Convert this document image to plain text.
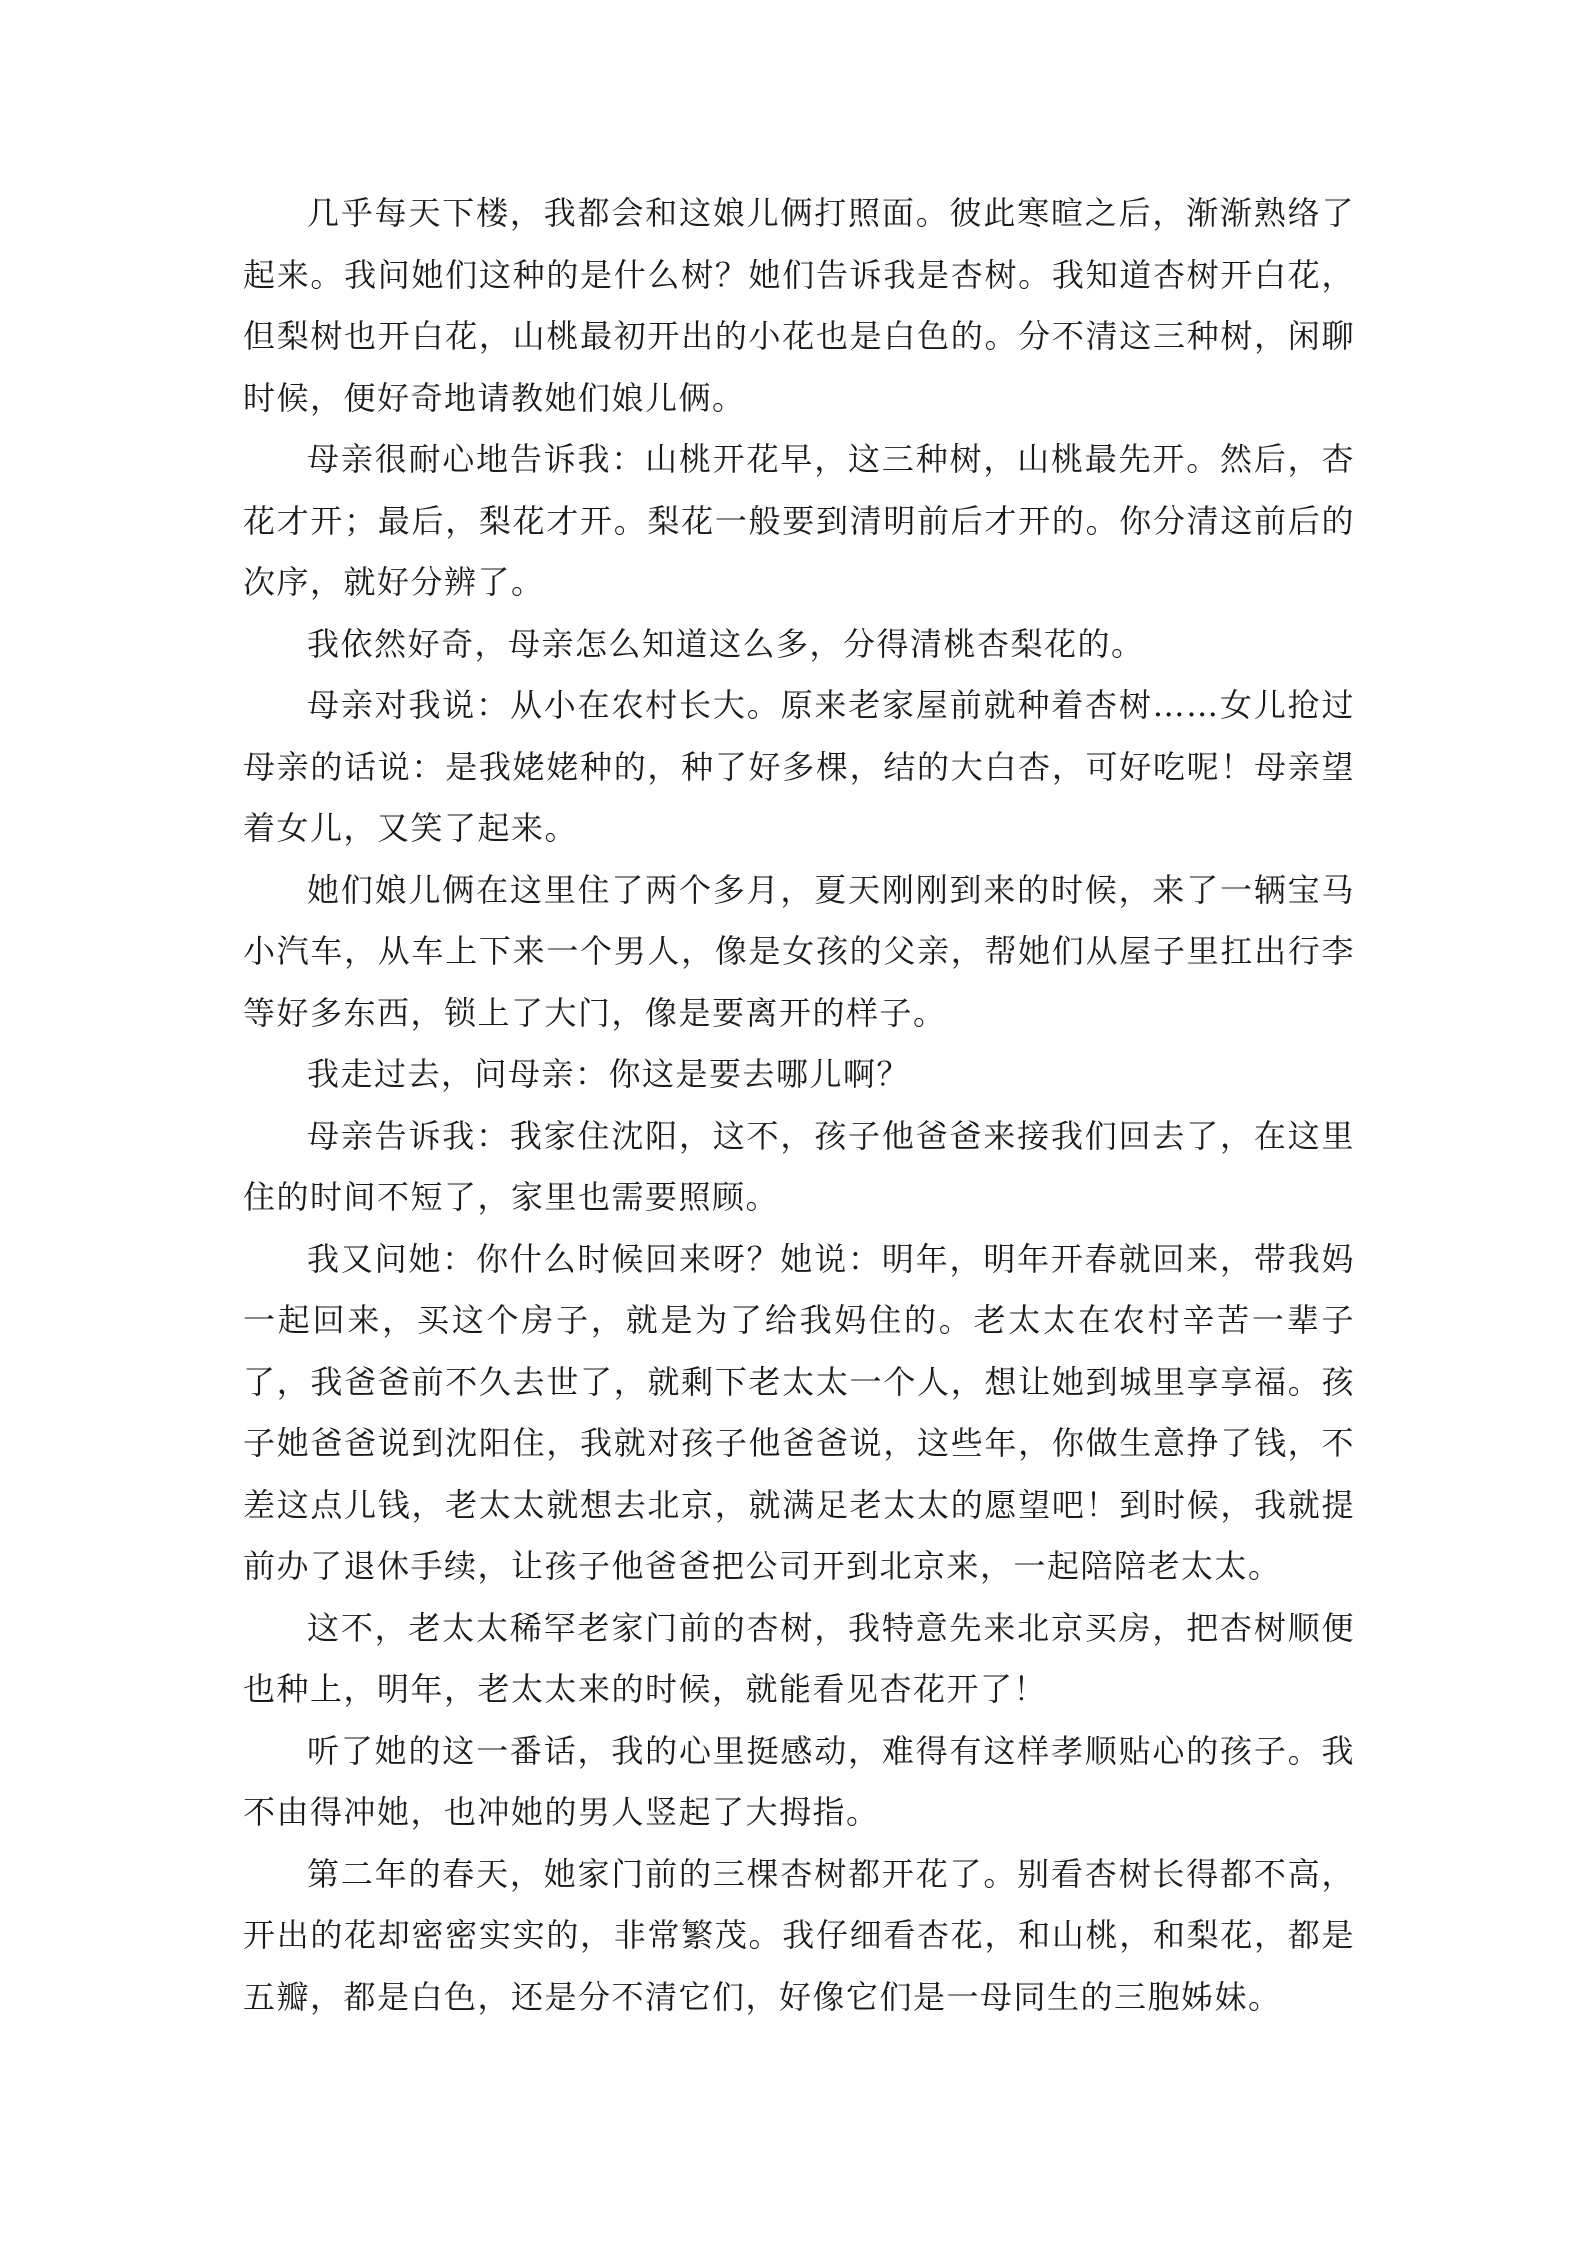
几乎每天下楼，我都会和这娘儿俩打照面。彼此寒暄之后，渐渐熟络了起来。我问她们这种的是什么树？她们告诉我是杏树。我知道杏树开白花，但梨树也开白花，山桃最初开出的小花也是白色的。分不清这三种树，闲聊时候，便好奇地请教她们娘儿俩。

母亲很耐心地告诉我：山桃开花早，这三种树，山桃最先开。然后，杏花才开；最后，梨花才开。梨花一般要到清明前后才开的。你分清这前后的次序，就好分辨了。

我依然好奇，母亲怎么知道这么多，分得清桃杏梨花的。

母亲对我说：从小在农村长大。原来老家屋前就种着杏树……女儿抢过母亲的话说：是我姥姥种的，种了好多棵，结的大白杏，可好吃呢！母亲望着女儿，又笑了起来。

她们娘儿俩在这里住了两个多月，夏天刚刚到来的时候，来了一辆宝马小汽车，从车上下来一个男人，像是女孩的父亲，帮她们从屋子里扛出行李等好多东西，锁上了大门，像是要离开的样子。

我走过去，问母亲：你这是要去哪儿啊？

母亲告诉我：我家住沈阳，这不，孩子他爸爸来接我们回去了，在这里住的时间不短了，家里也需要照顾。

我又问她：你什么时候回来呀？她说：明年，明年开春就回来，带我妈一起回来，买这个房子，就是为了给我妈住的。老太太在农村辛苦一辈子了，我爸爸前不久去世了，就剩下老太太一个人，想让她到城里享享福。孩子她爸爸说到沈阳住，我就对孩子他爸爸说，这些年，你做生意挣了钱，不差这点儿钱，老太太就想去北京，就满足老太太的愿望吧！到时候，我就提前办了退休手续，让孩子他爸爸把公司开到北京来，一起陪陪老太太。

这不，老太太稀罕老家门前的杏树，我特意先来北京买房，把杏树顺便也种上，明年，老太太来的时候，就能看见杏花开了！

听了她的这一番话，我的心里挺感动，难得有这样孝顺贴心的孩子。我不由得冲她，也冲她的男人竖起了大拇指。

第二年的春天，她家门前的三棵杏树都开花了。别看杏树长得都不高，开出的花却密密实实的，非常繁茂。我仔细看杏花，和山桃，和梨花，都是五瓣，都是白色，还是分不清它们，好像它们是一母同生的三胞姊妹。
